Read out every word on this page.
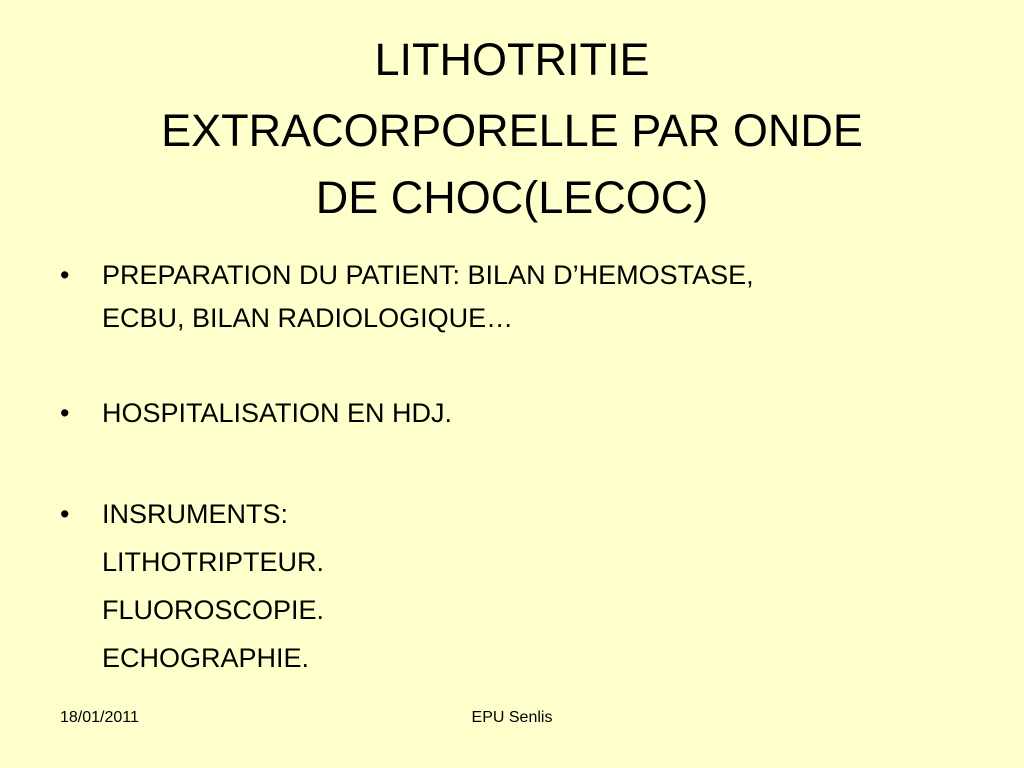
LITHOTRITIE
EXTRACORPORELLE PAR ONDE
DE CHOC(LECOC)
• PREPARATION DU PATIENT: BILAN D’HEMOSTASE,
ECBU, BILAN RADIOLOGIQUE…
• HOSPITALISATION EN HDJ.
• INSRUMENTS:
LITHOTRIPTEUR.
FLUOROSCOPIE.
ECHOGRAPHIE.
18/01/2011	EPU Senlis
